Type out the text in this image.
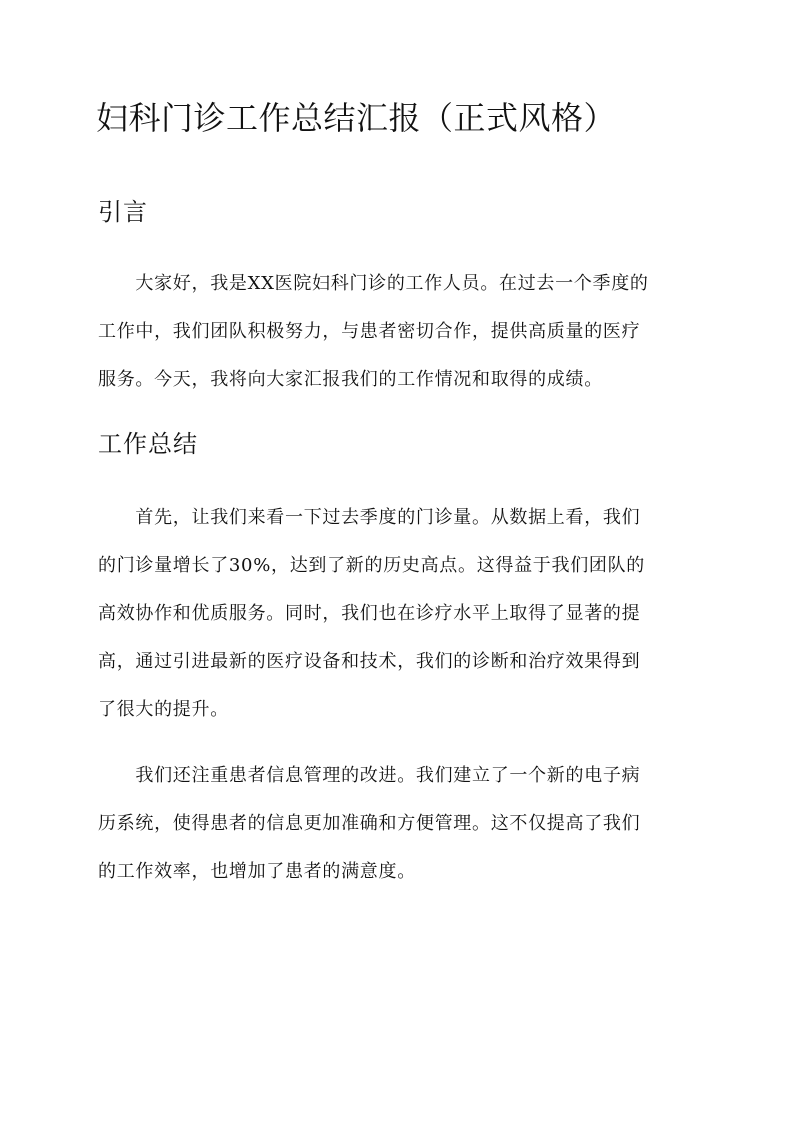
妇科门诊工作总结汇报（正式风格）
引言

　　大家好，我是XX医院妇科门诊的工作人员。在过去一个季度的
工作中，我们团队积极努力，与患者密切合作，提供高质量的医疗
服务。今天，我将向大家汇报我们的工作情况和取得的成绩。

工作总结

　　首先，让我们来看一下过去季度的门诊量。从数据上看，我们
的门诊量增长了30%，达到了新的历史高点。这得益于我们团队的
高效协作和优质服务。同时，我们也在诊疗水平上取得了显著的提
高，通过引进最新的医疗设备和技术，我们的诊断和治疗效果得到
了很大的提升。

　　我们还注重患者信息管理的改进。我们建立了一个新的电子病
历系统，使得患者的信息更加准确和方便管理。这不仅提高了我们
的工作效率，也增加了患者的满意度。
